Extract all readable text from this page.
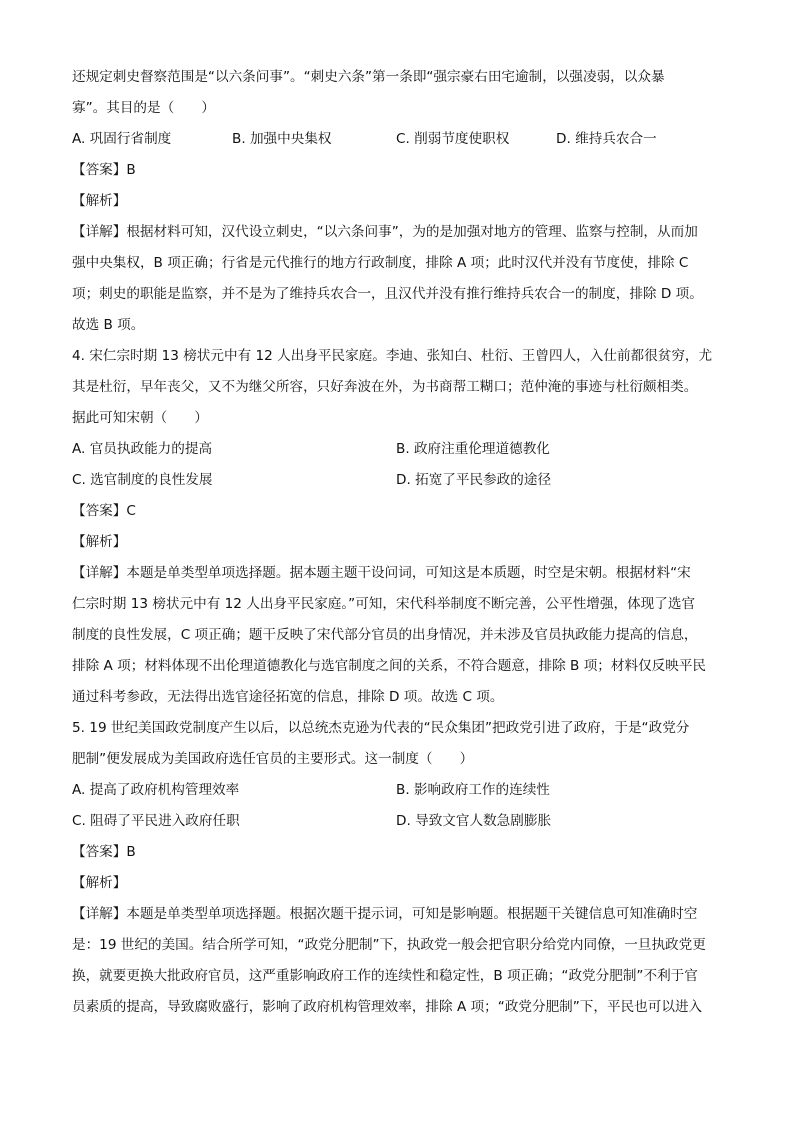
还规定刺史督察范围是“以六条问事”。“刺史六条”第一条即“强宗豪右田宅逾制，以强凌弱，以众暴
寡”。其目的是（　　）
A. 巩固行省制度	B. 加强中央集权	C. 削弱节度使职权	D. 维持兵农合一
【答案】B
【解析】
【详解】根据材料可知，汉代设立刺史，“以六条问事”，为的是加强对地方的管理、监察与控制，从而加
强中央集权，B 项正确；行省是元代推行的地方行政制度，排除 A 项；此时汉代并没有节度使，排除 C
项；刺史的职能是监察，并不是为了维持兵农合一，且汉代并没有推行维持兵农合一的制度，排除 D 项。
故选 B 项。
4. 宋仁宗时期 13 榜状元中有 12 人出身平民家庭。李迪、张知白、杜衍、王曾四人，入仕前都很贫穷，尤
其是杜衍，早年丧父，又不为继父所容，只好奔波在外，为书商帮工糊口；范仲淹的事迹与杜衍颇相类。
据此可知宋朝（　　）
A. 官员执政能力的提高	B. 政府注重伦理道德教化
C. 选官制度的良性发展	D. 拓宽了平民参政的途径
【答案】C
【解析】
【详解】本题是单类型单项选择题。据本题主题干设问词，可知这是本质题，时空是宋朝。根据材料“宋
仁宗时期 13 榜状元中有 12 人出身平民家庭。”可知，宋代科举制度不断完善，公平性增强，体现了选官
制度的良性发展，C 项正确；题干反映了宋代部分官员的出身情况，并未涉及官员执政能力提高的信息，
排除 A 项；材料体现不出伦理道德教化与选官制度之间的关系，不符合题意，排除 B 项；材料仅反映平民
通过科考参政，无法得出选官途径拓宽的信息，排除 D 项。故选 C 项。
5. 19 世纪美国政党制度产生以后，以总统杰克逊为代表的“民众集团”把政党引进了政府，于是“政党分
肥制”便发展成为美国政府选任官员的主要形式。这一制度（　　）
A. 提高了政府机构管理效率	B. 影响政府工作的连续性
C. 阻碍了平民进入政府任职	D. 导致文官人数急剧膨胀
【答案】B
【解析】
【详解】本题是单类型单项选择题。根据次题干提示词，可知是影响题。根据题干关键信息可知准确时空
是：19 世纪的美国。结合所学可知，“政党分肥制”下，执政党一般会把官职分给党内同僚，一旦执政党更
换，就要更换大批政府官员，这严重影响政府工作的连续性和稳定性，B 项正确；“政党分肥制”不利于官
员素质的提高，导致腐败盛行，影响了政府机构管理效率，排除 A 项；“政党分肥制”下，平民也可以进入
